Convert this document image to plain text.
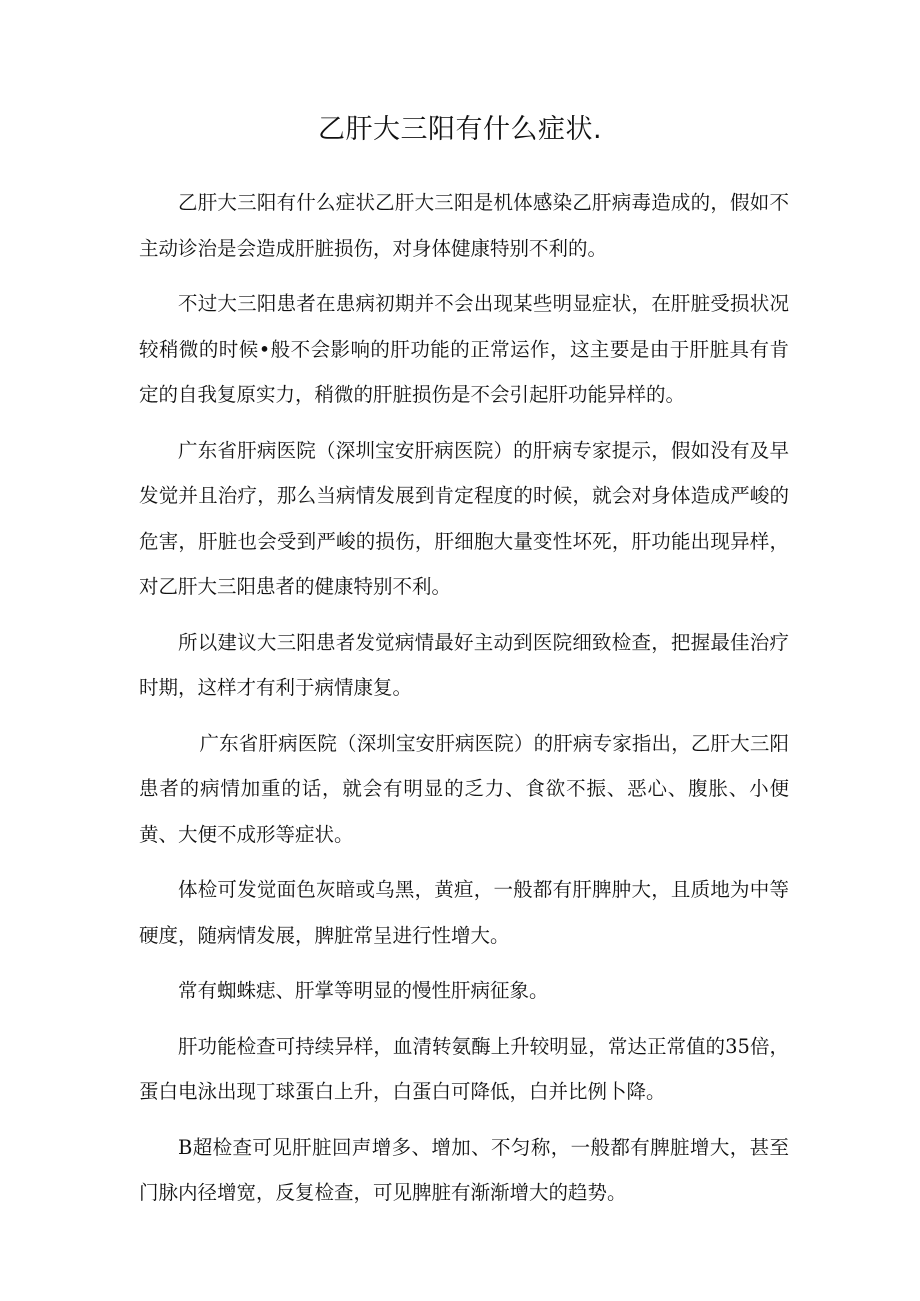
乙肝大三阳有什么症状.

乙肝大三阳有什么症状乙肝大三阳是机体感染乙肝病毒造成的，假如不主动诊治是会造成肝脏损伤，对身体健康特别不利的。

不过大三阳患者在患病初期并不会出现某些明显症状，在肝脏受损状况较稍微的时候•般不会影响的肝功能的正常运作，这主要是由于肝脏具有肯定的自我复原实力，稍微的肝脏损伤是不会引起肝功能异样的。

广东省肝病医院（深圳宝安肝病医院）的肝病专家提示，假如没有及早发觉并且治疗，那么当病情发展到肯定程度的时候，就会对身体造成严峻的危害，肝脏也会受到严峻的损伤，肝细胞大量变性坏死，肝功能出现异样，对乙肝大三阳患者的健康特别不利。

所以建议大三阳患者发觉病情最好主动到医院细致检查，把握最佳治疗时期，这样才有利于病情康复。

广东省肝病医院（深圳宝安肝病医院）的肝病专家指出，乙肝大三阳患者的病情加重的话，就会有明显的乏力、食欲不振、恶心、腹胀、小便黄、大便不成形等症状。

体检可发觉面色灰暗或乌黑，黄疸，一般都有肝脾肿大，且质地为中等硬度，随病情发展，脾脏常呈进行性增大。

常有蜘蛛痣、肝掌等明显的慢性肝病征象。

肝功能检查可持续异样，血清转氨酶上升较明显，常达正常值的35倍，蛋白电泳出现丁球蛋白上升，白蛋白可降低，白并比例卜降。

B超检查可见肝脏回声增多、增加、不匀称，一般都有脾脏增大，甚至门脉内径增宽，反复检查，可见脾脏有渐渐增大的趋势。
